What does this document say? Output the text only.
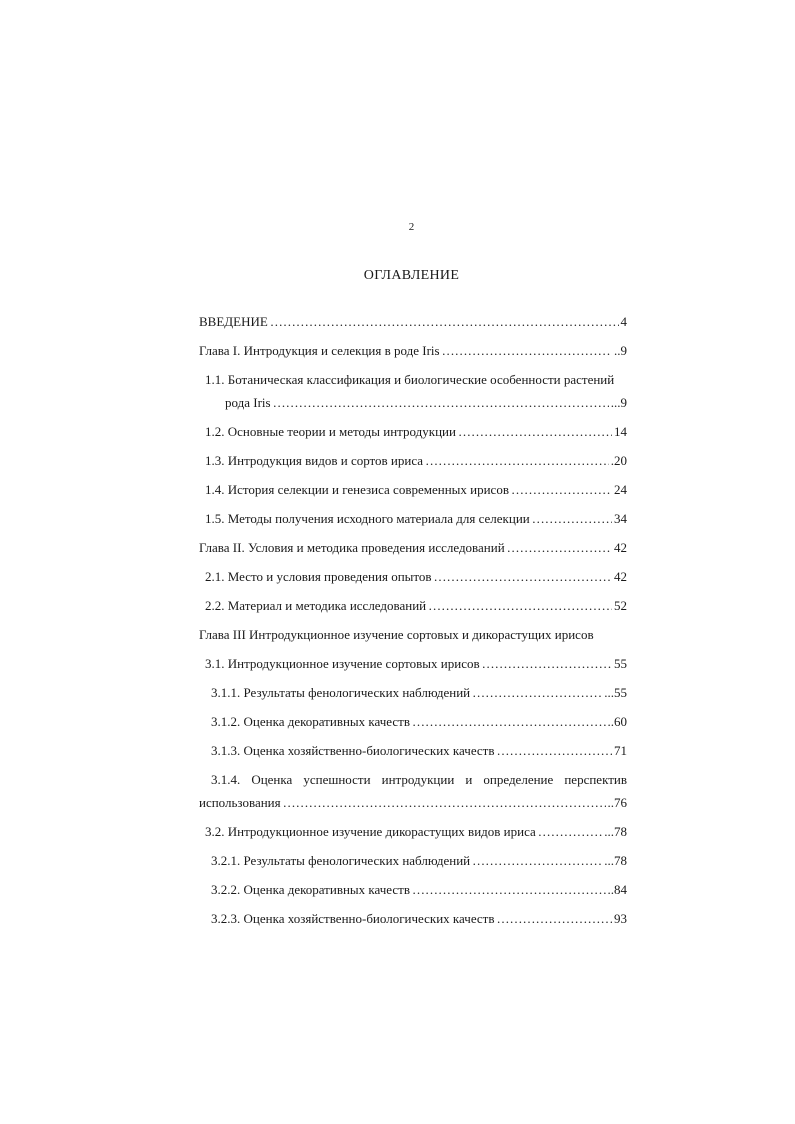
2
ОГЛАВЛЕНИЕ
ВВЕДЕНИЕ ……………………………………………………………………………………………………………………………………………………	4
Глава I. Интродукция и селекция в роде Iris ……………………………………………………………………………………………………………………………………………………	..9
1.1. Ботаническая классификация и биологические особенности растений
рода Iris ……………………………………………………………………………………………………………………………………………………	...9
1.2. Основные теории и методы интродукции ……………………………………………………………………………………………………………………………………………………	14
1.3. Интродукция видов и сортов ириса ……………………………………………………………………………………………………………………………………………………	.20
1.4. История селекции и генезиса современных ирисов ……………………………………………………………………………………………………………………………………………………	24
1.5. Методы получения исходного материала для селекции ……………………………………………………………………………………………………………………………………………………	34
Глава II. Условия и методика проведения исследований ……………………………………………………………………………………………………………………………………………………	42
2.1. Место и условия проведения опытов ……………………………………………………………………………………………………………………………………………………	42
2.2. Материал и методика исследований ……………………………………………………………………………………………………………………………………………………	52
Глава III Интродукционное изучение сортовых и дикорастущих ирисов
3.1. Интродукционное изучение сортовых ирисов ……………………………………………………………………………………………………………………………………………………	55
3.1.1. Результаты фенологических наблюдений ……………………………………………………………………………………………………………………………………………………	...55
3.1.2. Оценка декоративных качеств ……………………………………………………………………………………………………………………………………………………	..60
3.1.3. Оценка хозяйственно-биологических качеств ……………………………………………………………………………………………………………………………………………………	71
3.1.4. Оценка успешности интродукции и определение перспектив
использования ……………………………………………………………………………………………………………………………………………………	..76
3.2. Интродукционное изучение дикорастущих видов ириса ……………………………………………………………………………………………………………………………………………………	...78
3.2.1. Результаты фенологических наблюдений ……………………………………………………………………………………………………………………………………………………	...78
3.2.2. Оценка декоративных качеств ……………………………………………………………………………………………………………………………………………………	..84
3.2.3. Оценка хозяйственно-биологических качеств ……………………………………………………………………………………………………………………………………………………	93
